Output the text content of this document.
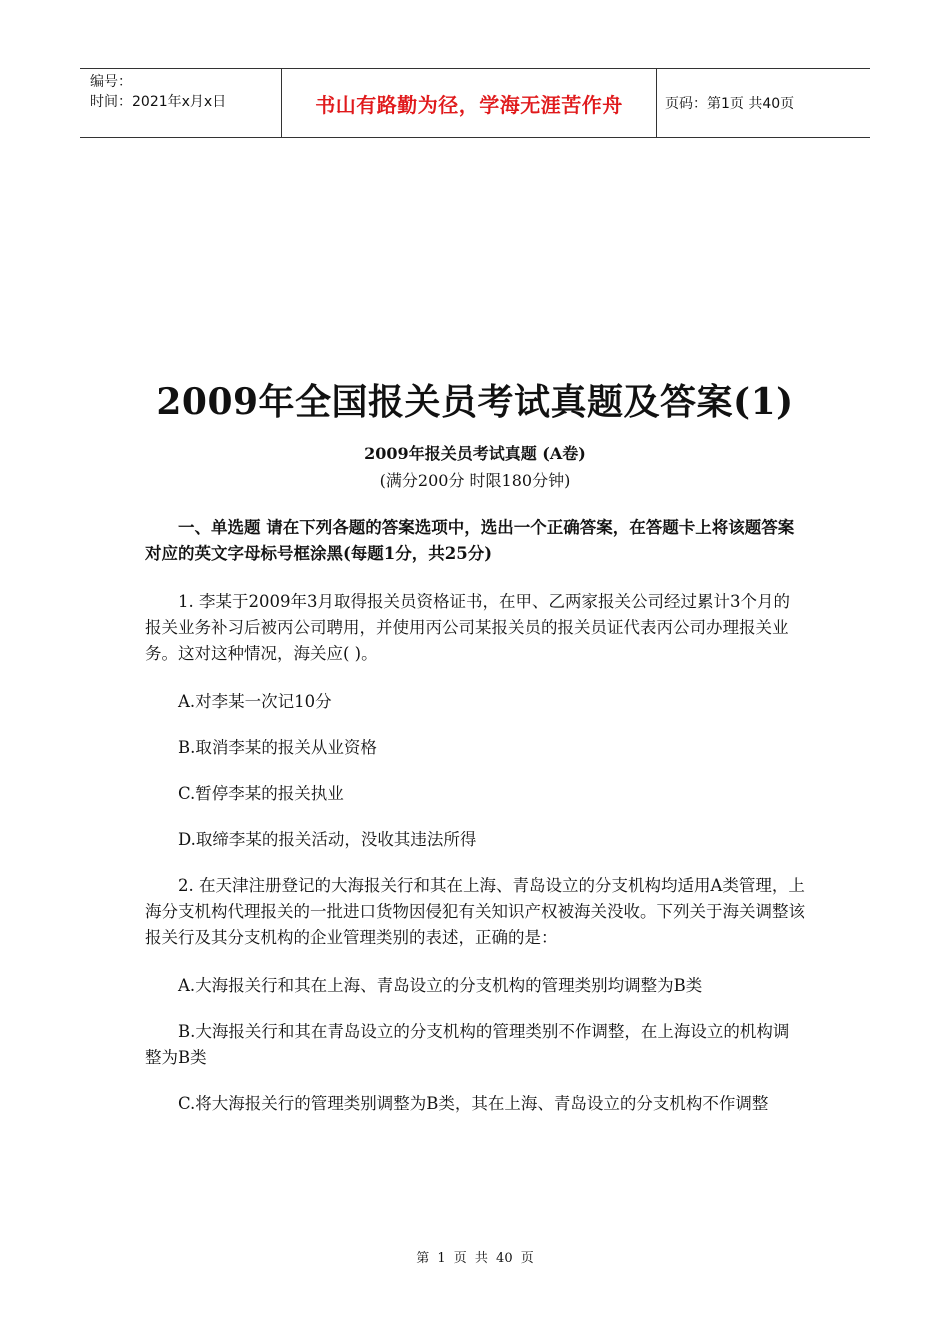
编号：
时间：2021年x月x日	书山有路勤为径，学海无涯苦作舟	页码：第1页 共40页
2009年全国报关员考试真题及答案(1)
2009年报关员考试真题 (A卷)
(满分200分 时限180分钟)

一、单选题 请在下列各题的答案选项中，选出一个正确答案，在答题卡上将该题答案对应的英文字母标号框涂黑(每题1分，共25分)

1. 李某于2009年3月取得报关员资格证书，在甲、乙两家报关公司经过累计3个月的报关业务补习后被丙公司聘用，并使用丙公司某报关员的报关员证代表丙公司办理报关业务。这对这种情况，海关应( )。

A.对李某一次记10分

B.取消李某的报关从业资格

C.暂停李某的报关执业

D.取缔李某的报关活动，没收其违法所得

2. 在天津注册登记的大海报关行和其在上海、青岛设立的分支机构均适用A类管理，上海分支机构代理报关的一批进口货物因侵犯有关知识产权被海关没收。下列关于海关调整该报关行及其分支机构的企业管理类别的表述，正确的是：

A.大海报关行和其在上海、青岛设立的分支机构的管理类别均调整为B类

B.大海报关行和其在青岛设立的分支机构的管理类别不作调整，在上海设立的机构调整为B类

C.将大海报关行的管理类别调整为B类，其在上海、青岛设立的分支机构不作调整

第 1 页 共 40 页
